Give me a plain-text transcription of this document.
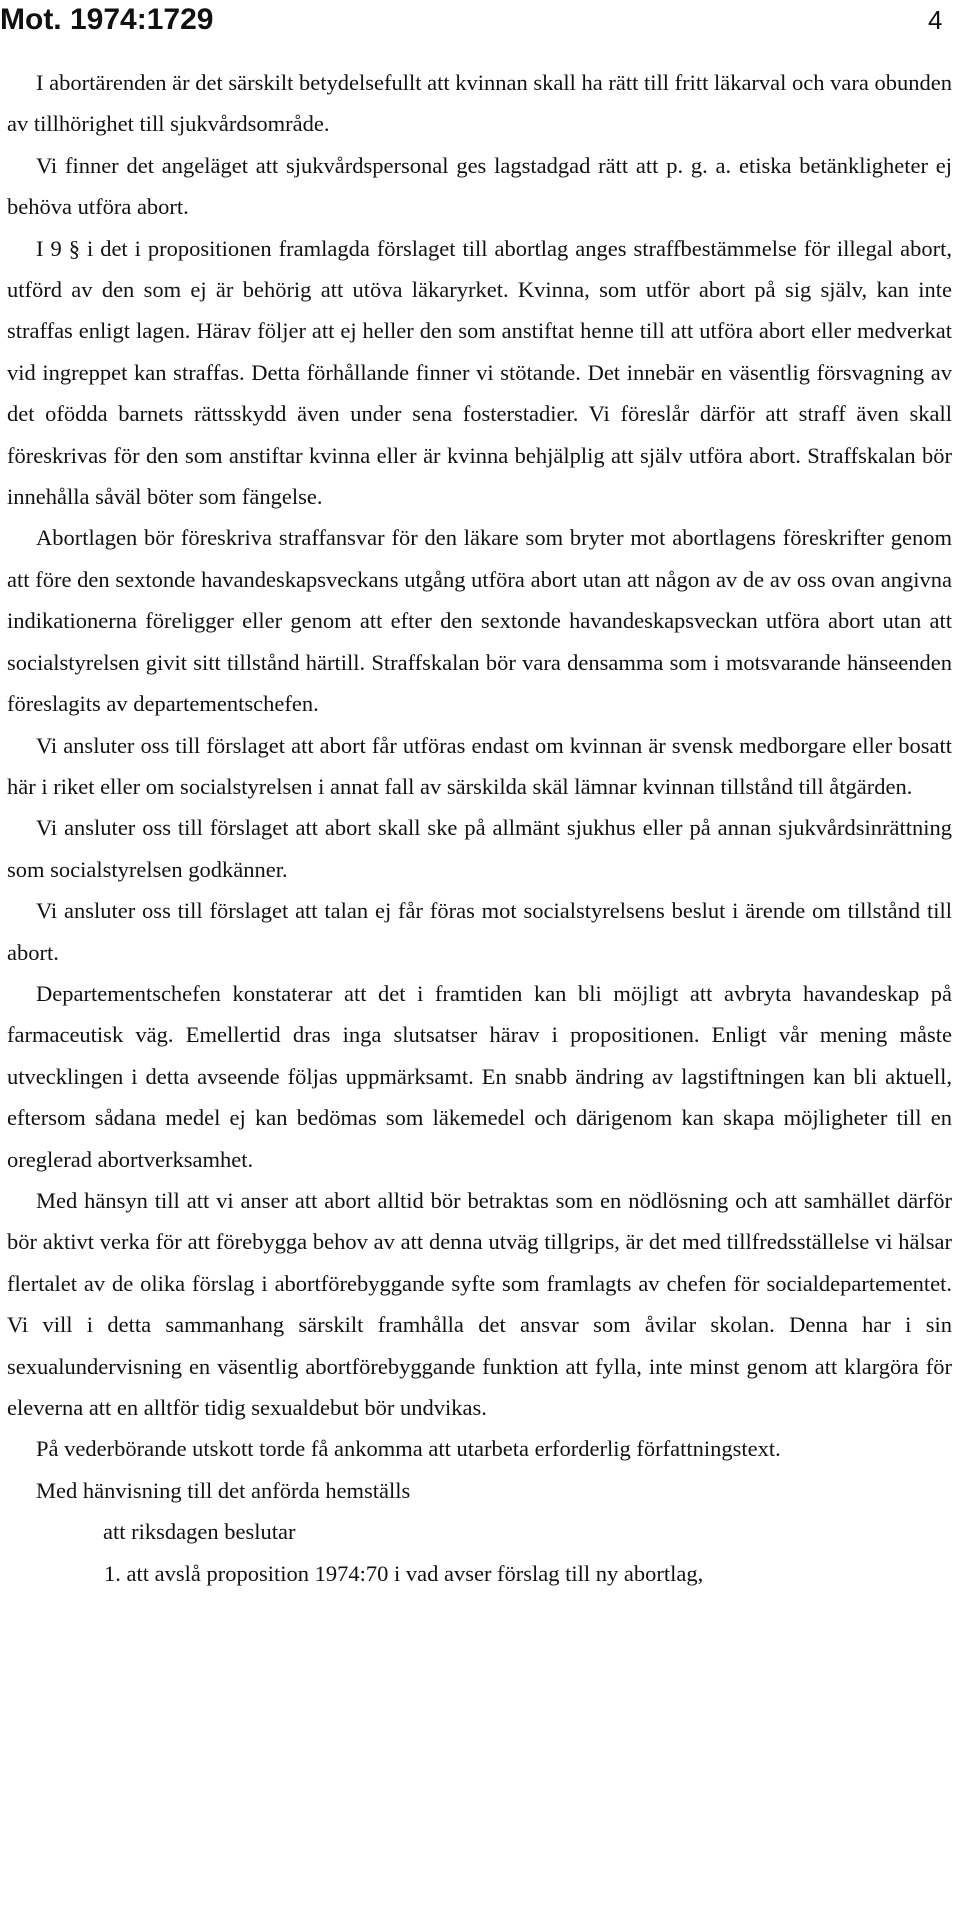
Mot. 1974:1729	4

I abortärenden är det särskilt betydelsefullt att kvinnan skall ha rätt till fritt läkarval och vara obunden av tillhörighet till sjukvårdsområde.

Vi finner det angeläget att sjukvårdspersonal ges lagstadgad rätt att p. g. a. etiska betänkligheter ej behöva utföra abort.

I 9 § i det i propositionen framlagda förslaget till abortlag anges straffbestämmelse för illegal abort, utförd av den som ej är behörig att utöva läkaryrket. Kvinna, som utför abort på sig själv, kan inte straffas enligt lagen. Härav följer att ej heller den som anstiftat henne till att utföra abort eller medverkat vid ingreppet kan straffas. Detta förhållande finner vi stötande. Det innebär en väsentlig försvagning av det ofödda barnets rättsskydd även under sena fosterstadier. Vi föreslår därför att straff även skall föreskrivas för den som anstiftar kvinna eller är kvinna behjälplig att själv utföra abort. Straffskalan bör innehålla såväl böter som fängelse.

Abortlagen bör föreskriva straffansvar för den läkare som bryter mot abortlagens föreskrifter genom att före den sextonde havandeskapsveckans utgång utföra abort utan att någon av de av oss ovan angivna indikationerna föreligger eller genom att efter den sextonde havandeskapsveckan utföra abort utan att socialstyrelsen givit sitt tillstånd härtill. Straffskalan bör vara densamma som i motsvarande hänseenden föreslagits av departementschefen.

Vi ansluter oss till förslaget att abort får utföras endast om kvinnan är svensk medborgare eller bosatt här i riket eller om socialstyrelsen i annat fall av särskilda skäl lämnar kvinnan tillstånd till åtgärden.

Vi ansluter oss till förslaget att abort skall ske på allmänt sjukhus eller på annan sjukvårdsinrättning som socialstyrelsen godkänner.

Vi ansluter oss till förslaget att talan ej får föras mot socialstyrelsens beslut i ärende om tillstånd till abort.

Departementschefen konstaterar att det i framtiden kan bli möjligt att avbryta havandeskap på farmaceutisk väg. Emellertid dras inga slutsatser härav i propositionen. Enligt vår mening måste utvecklingen i detta avseende följas uppmärksamt. En snabb ändring av lagstiftningen kan bli aktuell, eftersom sådana medel ej kan bedömas som läkemedel och därigenom kan skapa möjligheter till en oreglerad abortverksamhet.

Med hänsyn till att vi anser att abort alltid bör betraktas som en nödlösning och att samhället därför bör aktivt verka för att förebygga behov av att denna utväg tillgrips, är det med tillfredsställelse vi hälsar flertalet av de olika förslag i abortförebyggande syfte som framlagts av chefen för socialdepartementet. Vi vill i detta sammanhang särskilt framhålla det ansvar som åvilar skolan. Denna har i sin sexualundervisning en väsentlig abortförebyggande funktion att fylla, inte minst genom att klargöra för eleverna att en alltför tidig sexualdebut bör undvikas.

På vederbörande utskott torde få ankomma att utarbeta erforderlig författningstext.

Med hänvisning till det anförda hemställs

att riksdagen beslutar

1. att avslå proposition 1974:70 i vad avser förslag till ny abortlag,
